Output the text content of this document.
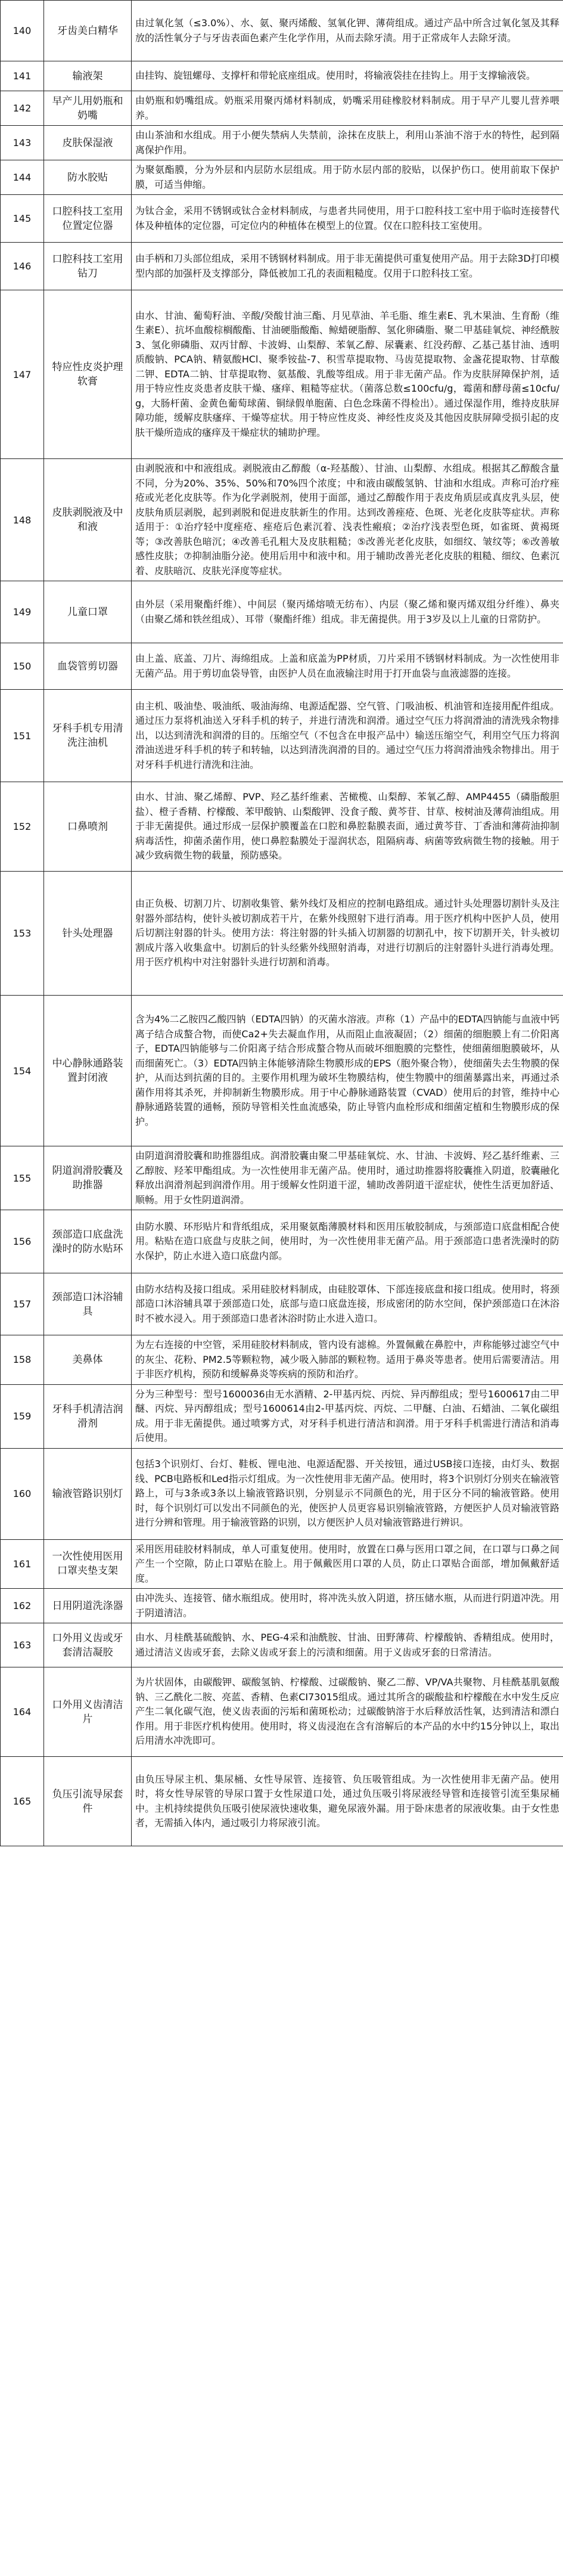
140	牙齿美白精华	由过氧化氢（≤3.0%）、水、氨、聚丙烯酸、氢氧化钾、薄荷组成。通过产品中所含过氧化氢及其释放的活性氧分子与牙齿表面色素产生化学作用，从而去除牙渍。用于正常成年人去除牙渍。
141	输液架	由挂钩、旋钮螺母、支撑杆和带轮底座组成。使用时，将输液袋挂在挂钩上。用于支撑输液袋。
142	早产儿用奶瓶和奶嘴	由奶瓶和奶嘴组成。奶瓶采用聚丙烯材料制成，奶嘴采用硅橡胶材料制成。用于早产儿婴儿营养喂养。
143	皮肤保湿液	由山茶油和水组成。用于小便失禁病人失禁前，涂抹在皮肤上，利用山茶油不溶于水的特性，起到隔离保护作用。
144	防水胶贴	为聚氨酯膜，分为外层和内层防水层组成。用于防水层内部的胶贴，以保护伤口。使用前取下保护膜，可适当伸缩。
145	口腔科技工室用位置定位器	为钛合金，采用不锈钢或钛合金材料制成，与患者共同使用，用于口腔科技工室中用于临时连接替代体及种植体的定位器，可定位内的种植体在模型上的位置。仅在口腔科技工室使用。
146	口腔科技工室用钻刀	由手柄和刀头部位组成，采用不锈钢材料制成。用于非无菌提供可重复使用产品。用于去除3D打印模型内部的加强杆及支撑部分，降低被加工孔的表面粗糙度。仅用于口腔科技工室。
147	特应性皮炎护理软膏	由水、甘油、葡萄籽油、辛酸/癸酸甘油三酯、月见草油、羊毛脂、维生素E、乳木果油、生育酚（维生素E）、抗坏血酸棕榈酸酯、甘油硬脂酸酯、鲸蜡硬脂醇、氢化卵磷脂、聚二甲基硅氧烷、神经酰胺3、氢化卵磷脂、双丙甘醇、卡波姆、山梨醇、苯氧乙醇、尿囊素、红没药醇、乙基己基甘油、透明质酸钠、PCA钠、精氨酸HCl、聚季铵盐-7、积雪草提取物、马齿苋提取物、金盏花提取物、甘草酸二钾、EDTA二钠、甘草提取物、氨基酸、乳酸等组成。用于非无菌产品。作为皮肤屏障保护剂，适用于特应性皮炎患者皮肤干燥、瘙痒、粗糙等症状。（菌落总数≤100cfu/g，霉菌和酵母菌≤10cfu/g，大肠杆菌、金黄色葡萄球菌、铜绿假单胞菌、白色念珠菌不得检出）。通过保湿作用，维持皮肤屏障功能，缓解皮肤瘙痒、干燥等症状。用于特应性皮炎、神经性皮炎及其他因皮肤屏障受损引起的皮肤干燥所造成的瘙痒及干燥症状的辅助护理。
148	皮肤剥脱液及中和液	由剥脱液和中和液组成。剥脱液由乙醇酸（α-羟基酸）、甘油、山梨醇、水组成。根据其乙醇酸含量不同，分为20%、35%、50%和70%四个浓度；中和液由碳酸氢钠、甘油和水组成。声称可治疗痤疮或光老化皮肤等。作为化学剥脱剂，使用于面部，通过乙醇酸作用于表皮角质层或真皮乳头层，使皮肤角质层剥脱，起到剥脱和促进皮肤新生的作用。达到改善痤疮、色斑、光老化皮肤等症状。声称适用于：①治疗轻中度痤疮、痤疮后色素沉着、浅表性瘢痕；②治疗浅表型色斑，如雀斑、黄褐斑等；③改善肤色暗沉；④改善毛孔粗大及皮肤粗糙；⑤改善光老化皮肤，如细纹、皱纹等；⑥改善敏感性皮肤；⑦抑制油脂分泌。使用后用中和液中和。用于辅助改善光老化皮肤的粗糙、细纹、色素沉着、皮肤暗沉、皮肤光泽度等症状。
149	儿童口罩	由外层（采用聚酯纤维）、中间层（聚丙烯熔喷无纺布）、内层（聚乙烯和聚丙烯双组分纤维）、鼻夹（由聚乙烯和铁丝组成）、耳带（聚酯纤维）组成。非无菌提供。用于3岁及以上儿童的日常防护。
150	血袋管剪切器	由上盖、底盖、刀片、海绵组成。上盖和底盖为PP材质，刀片采用不锈钢材料制成。为一次性使用非无菌产品。用于剪切血袋导管，由医护人员在血液输注时用于打开血袋与血液滤器的连接。
151	牙科手机专用清洗注油机	由主机、吸油垫、吸油纸、吸油海绵、电源适配器、空气管、门吸油板、机油管和连接用配件组成。通过压力泵将机油送入牙科手机的转子，并进行清洗和润滑。通过空气压力将润滑油的清洗残余物排出，以达到清洗和润滑的目的。压缩空气（不包含在申报产品中）输送压缩空气，利用空气压力将润滑油送进牙科手机的转子和转轴，以达到清洗润滑的目的。通过空气压力将润滑油残余物排出。用于对牙科手机进行清洗和注油。
152	口鼻喷剂	由水、甘油、聚乙烯醇、PVP、羟乙基纤维素、苦橄榄、山梨醇、苯氧乙醇、AMP4455（磷脂酸胆盐）、橙子香精、柠檬酸、苯甲酸钠、山梨酸钾、没食子酸、黄芩苷、甘草、桉树油及薄荷油组成。用于非无菌提供。通过形成一层保护膜覆盖在口腔和鼻腔黏膜表面，通过黄芩苷、丁香油和薄荷油抑制病毒活性，抑菌杀菌作用，使口鼻腔黏膜处于湿润状态，阻隔病毒、病菌等致病微生物的接触。用于减少致病微生物的载量，预防感染。
153	针头处理器	由正负极、切割刀片、切割收集管、紫外线灯及相应的控制电路组成。通过针头处理器切割针头及注射器外部结构，使针头被切割成若干片，在紫外线照射下进行消毒。用于医疗机构中医护人员，使用后切割注射器的针头。使用方法：将注射器的针头插入切割器的切割孔中，按下切割开关，针头被切割成片落入收集盒中。切割后的针头经紫外线照射消毒，对进行切割后的注射器针头进行消毒处理。用于医疗机构中对注射器针头进行切割和消毒。
154	中心静脉通路装置封闭液	含为4%二乙胺四乙酸四钠（EDTA四钠）的灭菌水溶液。声称（1）产品中的EDTA四钠能与血液中钙离子结合成螯合物，而使Ca2+失去凝血作用，从而阻止血液凝固；（2）细菌的细胞膜上有二价阳离子，EDTA四钠能够与二价阳离子结合形成螯合物从而破坏细胞膜的完整性，使细菌细胞膜破坏，从而细菌死亡。（3）EDTA四钠主体能够清除生物膜形成的EPS（胞外聚合物），使细菌失去生物膜的保护，从而达到抗菌的目的。主要作用机理为破坏生物膜结构，使生物膜中的细菌暴露出来，再通过杀菌作用将其杀死，并抑制新生物膜形成。用于中心静脉通路装置（CVAD）使用后的封管，维持中心静脉通路装置的通畅，预防导管相关性血流感染，防止导管内血栓形成和细菌定植和生物膜形成的保护。
155	阴道润滑胶囊及助推器	由阴道润滑胶囊和助推器组成。润滑胶囊由聚二甲基硅氧烷、水、甘油、卡波姆、羟乙基纤维素、三乙醇胺、羟苯甲酯组成。为一次性使用非无菌产品。使用时，通过助推器将胶囊推入阴道，胶囊融化释放出润滑剂起到润滑作用。用于缓解女性阴道干涩，辅助改善阴道干涩症状，使性生活更加舒适、顺畅。用于女性阴道润滑。
156	颈部造口底盘洗澡时的防水贴环	由防水膜、环形贴片和背纸组成，采用聚氨酯薄膜材料和医用压敏胶制成，与颈部造口底盘相配合使用。粘贴在造口底盘与皮肤之间，使用时，为一次性使用非无菌产品。用于颈部造口患者洗澡时的防水保护，防止水进入造口底盘内部。
157	颈部造口沐浴辅具	由防水结构及接口组成。采用硅胶材料制成，由硅胶罩体、下部连接底盘和接口组成。使用时，将颈部造口沐浴辅具罩于颈部造口处，底部与造口底盘连接，形成密闭的防水空间，保护颈部造口在沐浴时不被水浸入。用于颈部造口患者沐浴时防止水进入造口。
158	美鼻体	为左右连接的中空管，采用硅胶材料制成，管内设有滤棉。外置佩戴在鼻腔中，声称能够过滤空气中的灰尘、花粉、PM2.5等颗粒物，减少吸入肺部的颗粒物。适用于鼻炎等患者。使用后需要清洁。用于非医疗机构，预防和缓解鼻炎等疾病的预防和治疗。
159	牙科手机清洁润滑剂	分为三种型号：型号1600036由无水酒精、2-甲基丙烷、丙烷、异丙醇组成；型号1600617由二甲醚、丙烷、异丙醇组成；型号1600614由2-甲基丙烷、丙烷、二甲醚、白油、石蜡油、二氧化碳组成。用于非无菌提供。通过喷雾方式，对牙科手机进行清洁和润滑。用于牙科手机需进行清洁和消毒后使用。
160	输液管路识别灯	包括3个识别灯、台灯、鞋板、锂电池、电源适配器、开关按钮，通过USB接口连接，由灯头、数据线、PCB电路板和Led指示灯组成。为一次性使用非无菌产品。使用时，将3个识别灯分别夹在输液管路上，可与3条或3条以上输液管路识别，分别显示不同颜色的光，用于区分不同的输液管路。使用时，每个识别灯可以发出不同颜色的光，使医护人员更容易识别输液管路，方便医护人员对输液管路进行分辨和管理。用于输液管路的识别，以方便医护人员对输液管路进行辨识。
161	一次性使用医用口罩夹垫支架	采用医用硅胶材料制成，单人可重复使用。使用时，放置在口鼻与医用口罩之间，在口罩与口鼻之间产生一个空隙，防止口罩贴在脸上。用于佩戴医用口罩的人员，防止口罩贴合面部，增加佩戴舒适度。
162	日用阴道洗涤器	由冲洗头、连接管、储水瓶组成。使用时，将冲洗头放入阴道，挤压储水瓶，从而进行阴道冲洗。用于阴道清洁。
163	口外用义齿或牙套清洁凝胶	由水、月桂酰基硫酸钠、水、PEG-4采和油酰胺、甘油、田野薄荷、柠檬酸钠、香精组成。使用时，通过清洁义齿或牙套，去除义齿或牙套上的污渍和细菌。用于义齿或牙套的日常清洁。
164	口外用义齿清洁片	为片状固体，由碳酸钾、碳酸氢钠、柠檬酸、过碳酸钠、聚乙二醇、VP/VA共聚物、月桂酰基肌氨酸钠、三乙酰化二胺、亮蓝、香精、色素CI73015组成。通过其所含的碳酸盐和柠檬酸在水中发生反应产生二氧化碳气泡，使义齿表面的污垢和菌斑松动；过碳酸钠溶于水后释放活性氧，达到清洁和漂白作用。用于非医疗机构使用。使用时，将义齿浸泡在含有溶解后的本产品的水中约15分钟以上，取出后用清水冲洗即可。
165	负压引流导尿套件	由负压导尿主机、集尿桶、女性导尿管、连接管、负压吸管组成。为一次性使用非无菌产品。使用时，将女性导尿管的导尿口置于女性尿道口处，通过负压吸引将尿液经导管和连接管引流至集尿桶中。主机持续提供负压吸引使尿液快速收集，避免尿液外漏。用于卧床患者的尿液收集。由于女性患者，无需插入体内，通过吸引力将尿液引流。
